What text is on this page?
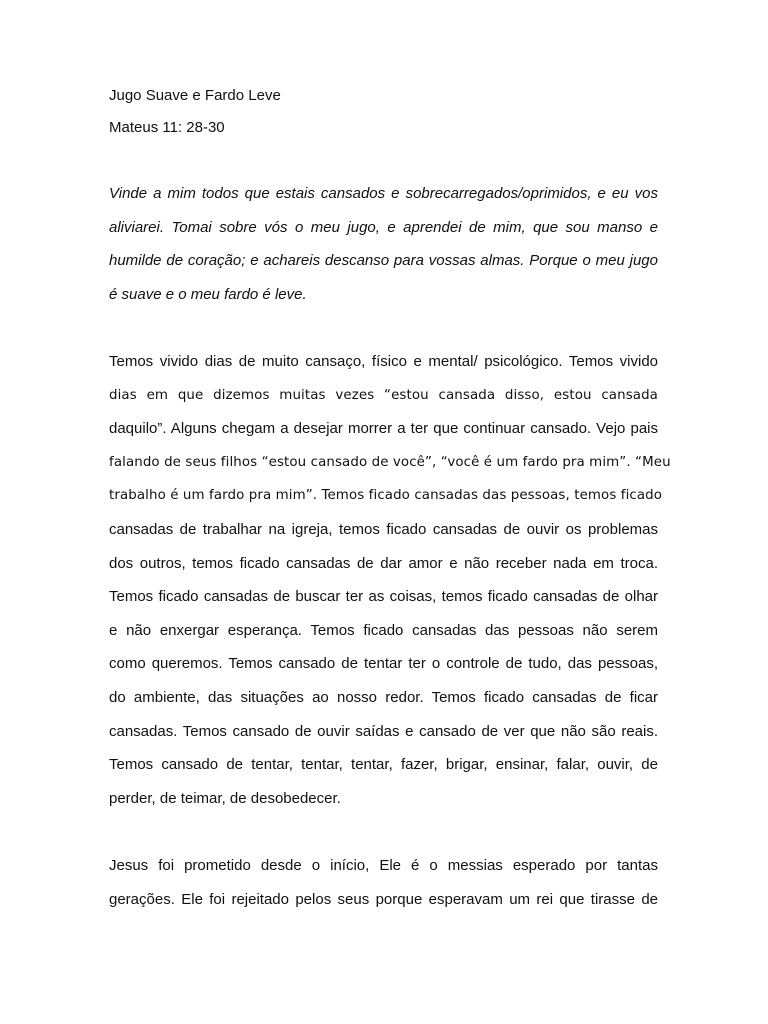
Jugo Suave e Fardo Leve
Mateus 11: 28-30
Vinde a mim todos que estais cansados e sobrecarregados/oprimidos, e eu vos
aliviarei. Tomai sobre vós o meu jugo, e aprendei de mim, que sou manso e
humilde de coração; e achareis descanso para vossas almas. Porque o meu jugo
é suave e o meu fardo é leve.
Temos vivido dias de muito cansaço, físico e mental/ psicológico. Temos vivido
dias em que dizemos muitas vezes “estou cansada disso, estou cansada
daquilo”. Alguns chegam a desejar morrer a ter que continuar cansado. Vejo pais
falando de seus filhos “estou cansado de você”, “você é um fardo pra mim”. “Meu
trabalho é um fardo pra mim”. Temos ficado cansadas das pessoas, temos ficado
cansadas de trabalhar na igreja, temos ficado cansadas de ouvir os problemas
dos outros, temos ficado cansadas de dar amor e não receber nada em troca.
Temos ficado cansadas de buscar ter as coisas, temos ficado cansadas de olhar
e não enxergar esperança. Temos ficado cansadas das pessoas não serem
como queremos. Temos cansado de tentar ter o controle de tudo, das pessoas,
do ambiente, das situações ao nosso redor. Temos ficado cansadas de ficar
cansadas. Temos cansado de ouvir saídas e cansado de ver que não são reais.
Temos cansado de tentar, tentar, tentar, fazer, brigar, ensinar, falar, ouvir, de
perder, de teimar, de desobedecer.
Jesus foi prometido desde o início, Ele é o messias esperado por tantas
gerações. Ele foi rejeitado pelos seus porque esperavam um rei que tirasse de
